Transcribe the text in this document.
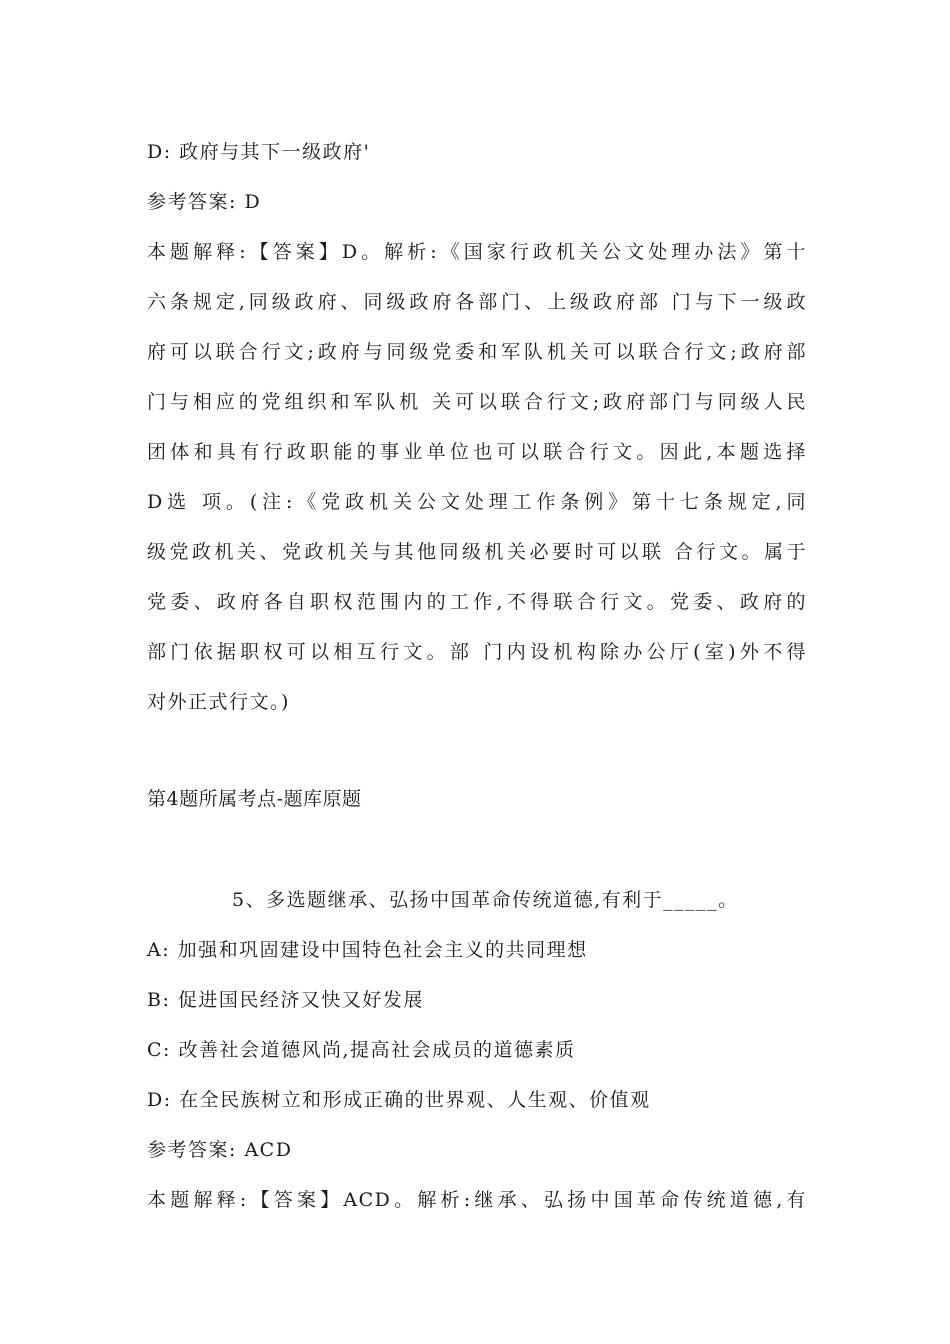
D: 政府与其下一级政府'
参考答案: D
本题解释:【答案】D。解析:《国家行政机关公文处理办法》第十
六条规定,同级政府、同级政府各部门、上级政府部 门与下一级政
府可以联合行文;政府与同级党委和军队机关可以联合行文;政府部
门与相应的党组织和军队机 关可以联合行文;政府部门与同级人民
团体和具有行政职能的事业单位也可以联合行文。因此,本题选择
D选 项。(注:《党政机关公文处理工作条例》第十七条规定,同
级党政机关、党政机关与其他同级机关必要时可以联 合行文。属于
党委、政府各自职权范围内的工作,不得联合行文。党委、政府的
部门依据职权可以相互行文。部 门内设机构除办公厅(室)外不得
对外正式行文。)
第4题所属考点-题库原题
5、多选题继承、弘扬中国革命传统道德,有利于_____。
A: 加强和巩固建设中国特色社会主义的共同理想
B: 促进国民经济又快又好发展
C: 改善社会道德风尚,提高社会成员的道德素质
D: 在全民族树立和形成正确的世界观、人生观、价值观
参考答案: ACD
本题解释:【答案】ACD。解析:继承、弘扬中国革命传统道德,有
